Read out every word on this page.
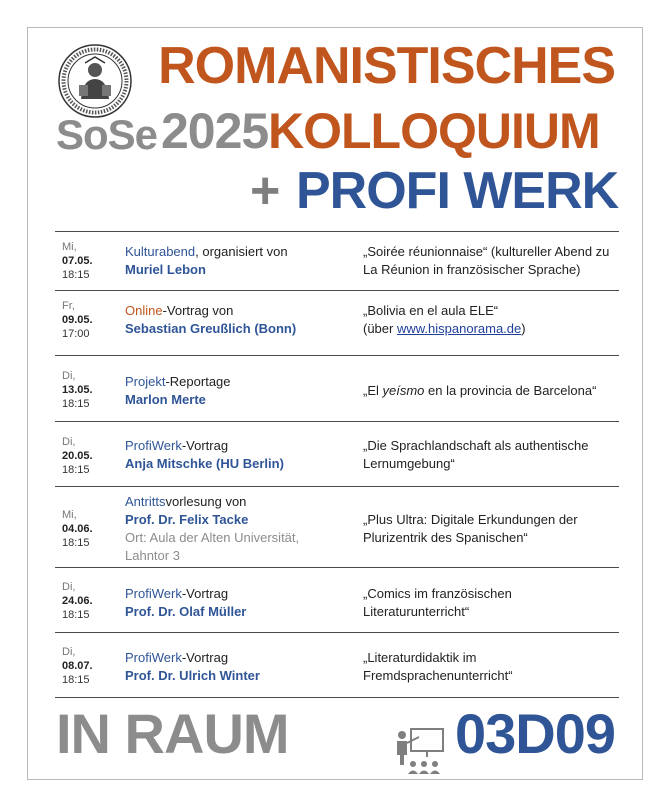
ROMANISTISCHES
SoSe 2025 KOLLOQUIUM
+ PROFI WERK
Mi,
07.05.
18:15
Kulturabend, organisiert von
Muriel Lebon
„Soirée réunionnaise“ (kultureller Abend zu La Réunion in französischer Sprache)
Fr,
09.05.
17:00
Online-Vortrag von
Sebastian Greußlich (Bonn)
„Bolivia en el aula ELE“
(über www.hispanorama.de)
Di,
13.05.
18:15
Projekt-Reportage
Marlon Merte
„El yeísmo en la provincia de Barcelona“
Di,
20.05.
18:15
ProfiWerk-Vortrag
Anja Mitschke (HU Berlin)
„Die Sprachlandschaft als authentische Lernumgebung“
Mi,
04.06.
18:15
Antrittsvorlesung von
Prof. Dr. Felix Tacke
Ort: Aula der Alten Universität, Lahntor 3
„Plus Ultra: Digitale Erkundungen der Plurizentrik des Spanischen“
Di,
24.06.
18:15
ProfiWerk-Vortrag
Prof. Dr. Olaf Müller
„Comics im französischen Literaturunterricht“
Di,
08.07.
18:15
ProfiWerk-Vortrag
Prof. Dr. Ulrich Winter
„Literaturdidaktik im Fremdsprachenunterricht“
IN RAUM	03D09
